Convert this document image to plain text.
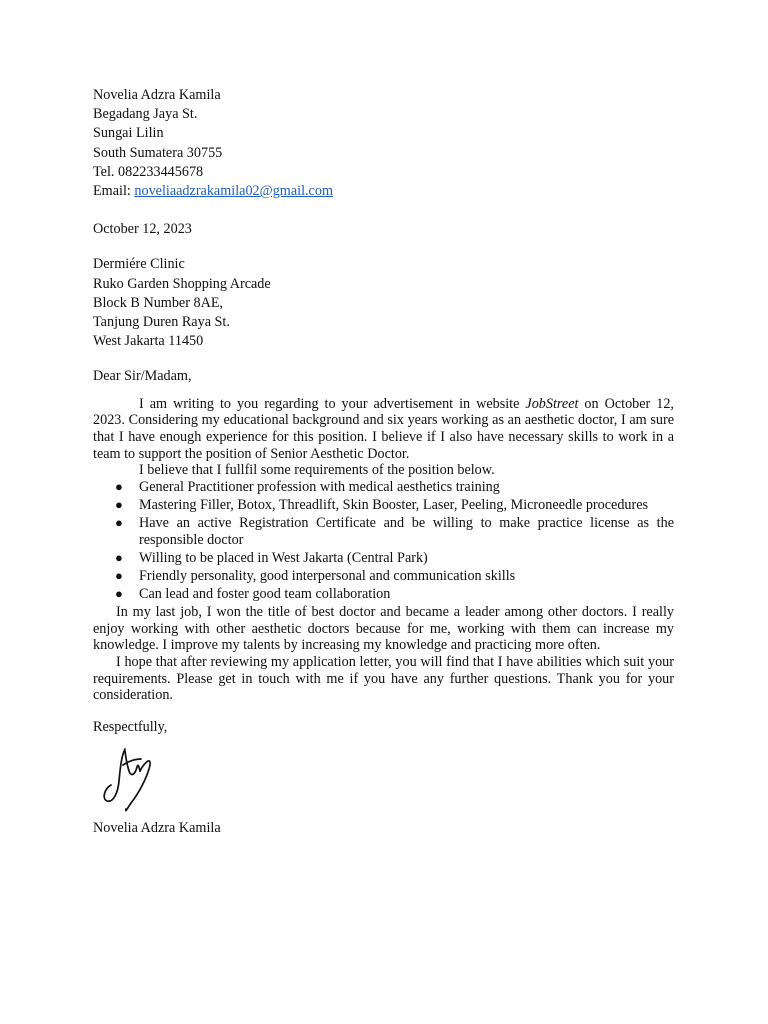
Novelia Adzra Kamila
Begadang Jaya St.
Sungai Lilin
South Sumatera 30755
Tel. 082233445678
Email: noveliaadzrakamila02@gmail.com
October 12, 2023
Dermiére Clinic
Ruko Garden Shopping Arcade
Block B Number 8AE,
Tanjung Duren Raya St.
West Jakarta 11450
Dear Sir/Madam,

I am writing to you regarding to your advertisement in website JobStreet on October 12, 2023. Considering my educational background and six years working as an aesthetic doctor, I am sure that I have enough experience for this position. I believe if I also have necessary skills to work in a team to support the position of Senior Aesthetic Doctor.

I believe that I fullfil some requirements of the position below.

● General Practitioner profession with medical aesthetics training
● Mastering Filler, Botox, Threadlift, Skin Booster, Laser, Peeling, Microneedle procedures
● Have an active Registration Certificate and be willing to make practice license as the responsible doctor
● Willing to be placed in West Jakarta (Central Park)
● Friendly personality, good interpersonal and communication skills
● Can lead and foster good team collaboration

In my last job, I won the title of best doctor and became a leader among other doctors. I really enjoy working with other aesthetic doctors because for me, working with them can increase my knowledge. I improve my talents by increasing my knowledge and practicing more often.

I hope that after reviewing my application letter, you will find that I have abilities which suit your requirements. Please get in touch with me if you have any further questions. Thank you for your consideration.

Respectfully,
Novelia Adzra Kamila
